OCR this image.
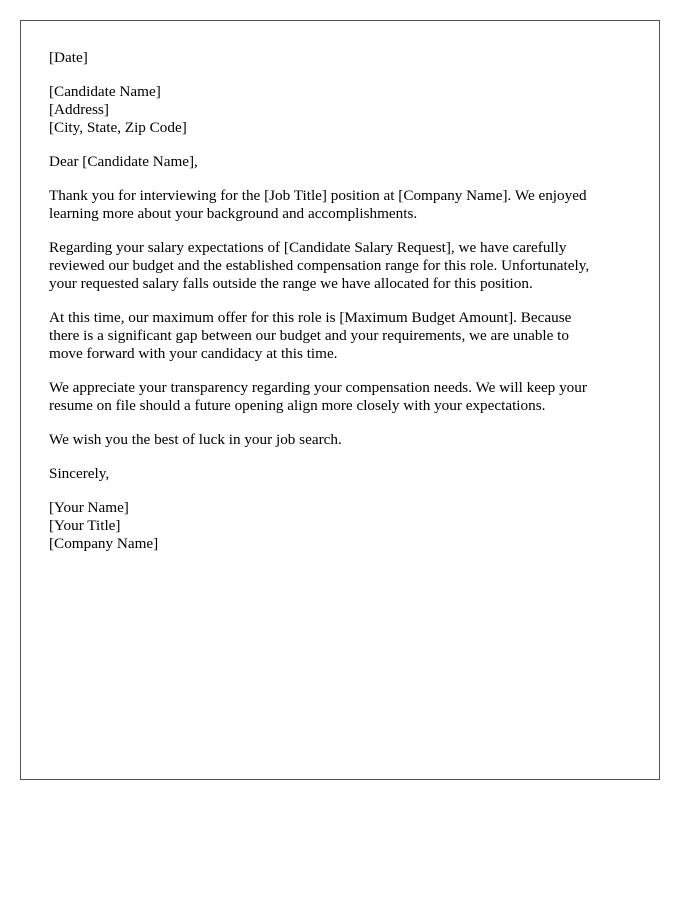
[Date]
[Candidate Name]
[Address]
[City, State, Zip Code]
Dear [Candidate Name],

Thank you for interviewing for the [Job Title] position at [Company Name]. We enjoyed
learning more about your background and accomplishments.

Regarding your salary expectations of [Candidate Salary Request], we have carefully
reviewed our budget and the established compensation range for this role. Unfortunately,
your requested salary falls outside the range we have allocated for this position.

At this time, our maximum offer for this role is [Maximum Budget Amount]. Because
there is a significant gap between our budget and your requirements, we are unable to
move forward with your candidacy at this time.

We appreciate your transparency regarding your compensation needs. We will keep your
resume on file should a future opening align more closely with your expectations.

We wish you the best of luck in your job search.

Sincerely,
[Your Name]
[Your Title]
[Company Name]
